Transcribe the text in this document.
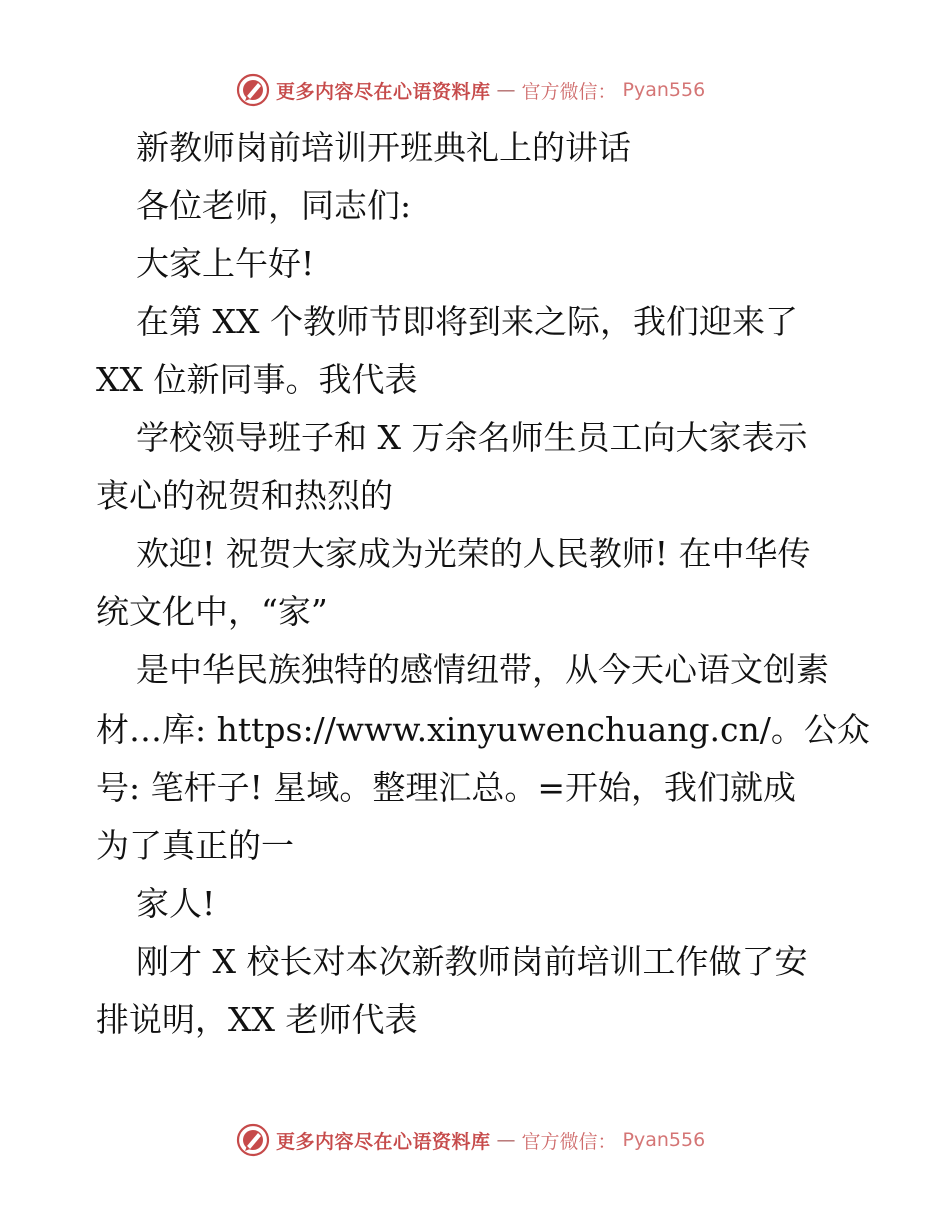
更多内容尽在心语资料库 — 官方微信： Pyan556
新教师岗前培训开班典礼上的讲话
各位老师，同志们:
大家上午好!
在第 XX 个教师节即将到来之际，我们迎来了
XX 位新同事。我代表
学校领导班子和 X 万余名师生员工向大家表示
衷心的祝贺和热烈的
欢迎! 祝贺大家成为光荣的人民教师! 在中华传
统文化中，“家”
是中华民族独特的感情纽带，从今天心语文创素
材…库: https://www.xinyuwenchuang.cn/。公众
号: 笔杆子! 星域。整理汇总。=开始，我们就成
为了真正的一
家人!
刚才 X 校长对本次新教师岗前培训工作做了安
排说明，XX 老师代表
更多内容尽在心语资料库 — 官方微信： Pyan556
